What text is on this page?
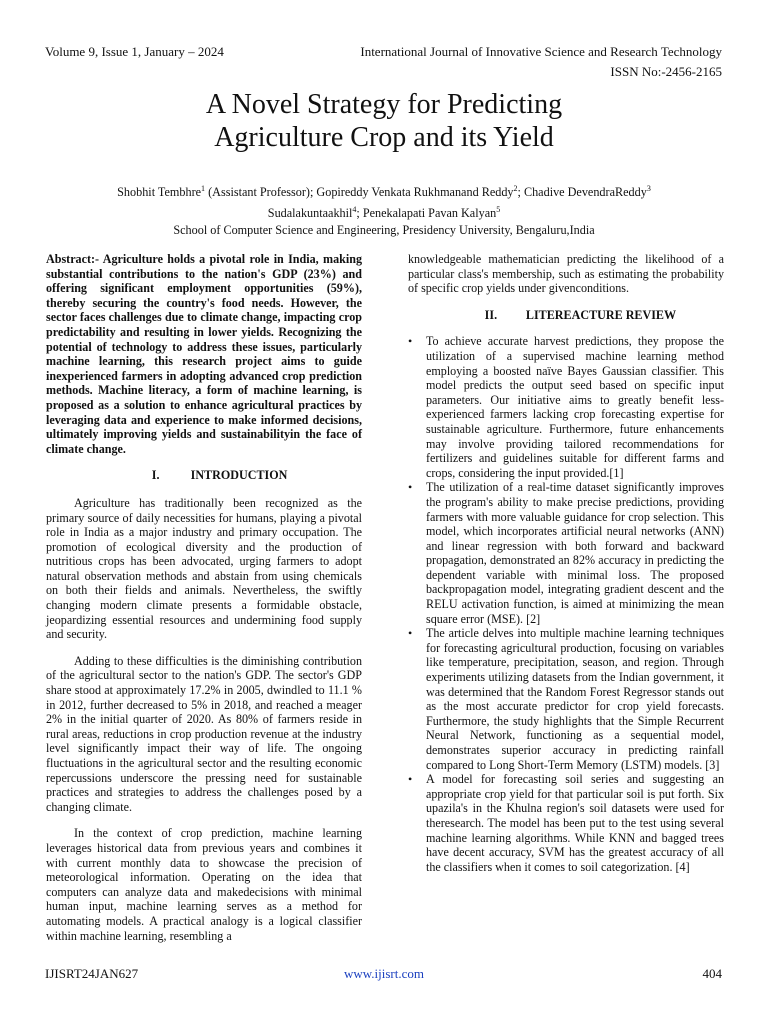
Volume 9, Issue 1, January – 2024	International Journal of Innovative Science and Research Technology
ISSN No:-2456-2165
A Novel Strategy for Predicting
Agriculture Crop and its Yield
Shobhit Tembhre$^1$ (Assistant Professor); Gopireddy Venkata Rukhmanand Reddy$^2$; Chadive DevendraReddy$^3$
Sudalakuntaakhil$^4$; Penekalapati Pavan Kalyan$^5$
School of Computer Science and Engineering, Presidency University, Bengaluru,India

Abstract:- Agriculture holds a pivotal role in India, making substantial contributions to the nation's GDP (23%) and offering significant employment opportunities (59%), thereby securing the country's food needs. However, the sector faces challenges due to climate change, impacting crop predictability and resulting in lower yields. Recognizing the potential of technology to address these issues, particularly machine learning, this research project aims to guide inexperienced farmers in adopting advanced crop prediction methods. Machine literacy, a form of machine learning, is proposed as a solution to enhance agricultural practices by leveraging data and experience to make informed decisions, ultimately improving yields and sustainabilityin the face of climate change.

I.	INTRODUCTION

Agriculture has traditionally been recognized as the primary source of daily necessities for humans, playing a pivotal role in India as a major industry and primary occupation. The promotion of ecological diversity and the production of nutritious crops has been advocated, urging farmers to adopt natural observation methods and abstain from using chemicals on both their fields and animals. Nevertheless, the swiftly changing modern climate presents a formidable obstacle, jeopardizing essential resources and undermining food supply and security.

Adding to these difficulties is the diminishing contribution of the agricultural sector to the nation's GDP. The sector's GDP share stood at approximately 17.2% in 2005, dwindled to 11.1 % in 2012, further decreased to 5% in 2018, and reached a meager 2% in the initial quarter of 2020. As 80% of farmers reside in rural areas, reductions in crop production revenue at the industry level significantly impact their way of life. The ongoing fluctuations in the agricultural sector and the resulting economic repercussions underscore the pressing need for sustainable practices and strategies to address the challenges posed by a changing climate.

In the context of crop prediction, machine learning leverages historical data from previous years and combines it with current monthly data to showcase the precision of meteorological information. Operating on the idea that computers can analyze data and makedecisions with minimal human input, machine learning serves as a method for automating models. A practical analogy is a logical classifier within machine learning, resembling a

knowledgeable mathematician predicting the likelihood of a particular class's membership, such as estimating the probability of specific crop yields under givenconditions.

II. LITEREACTURE REVIEW
• To achieve accurate harvest predictions, they propose the utilization of a supervised machine learning method employing a boosted naïve Bayes Gaussian classifier. This model predicts the output seed based on specific input parameters. Our initiative aims to greatly benefit less-experienced farmers lacking crop forecasting expertise for sustainable agriculture. Furthermore, future enhancements may involve providing tailored recommendations for fertilizers and guidelines suitable for different farms and crops, considering the input provided.[1]
• The utilization of a real-time dataset significantly improves the program's ability to make precise predictions, providing farmers with more valuable guidance for crop selection. This model, which incorporates artificial neural networks (ANN) and linear regression with both forward and backward propagation, demonstrated an 82% accuracy in predicting the dependent variable with minimal loss. The proposed backpropagation model, integrating gradient descent and the RELU activation function, is aimed at minimizing the mean square error (MSE). [2]
• The article delves into multiple machine learning techniques for forecasting agricultural production, focusing on variables like temperature, precipitation, season, and region. Through experiments utilizing datasets from the Indian government, it was determined that the Random Forest Regressor stands out as the most accurate predictor for crop yield forecasts. Furthermore, the study highlights that the Simple Recurrent Neural Network, functioning as a sequential model, demonstrates superior accuracy in predicting rainfall compared to Long Short-Term Memory (LSTM) models. [3]
• A model for forecasting soil series and suggesting an appropriate crop yield for that particular soil is put forth. Six upazila's in the Khulna region's soil datasets were used for theresearch. The model has been put to the test using several machine learning algorithms. While KNN and bagged trees have decent accuracy, SVM has the greatest accuracy of all the classifiers when it comes to soil categorization. [4]
IJISRT24JAN627	www.ijisrt.com	404
